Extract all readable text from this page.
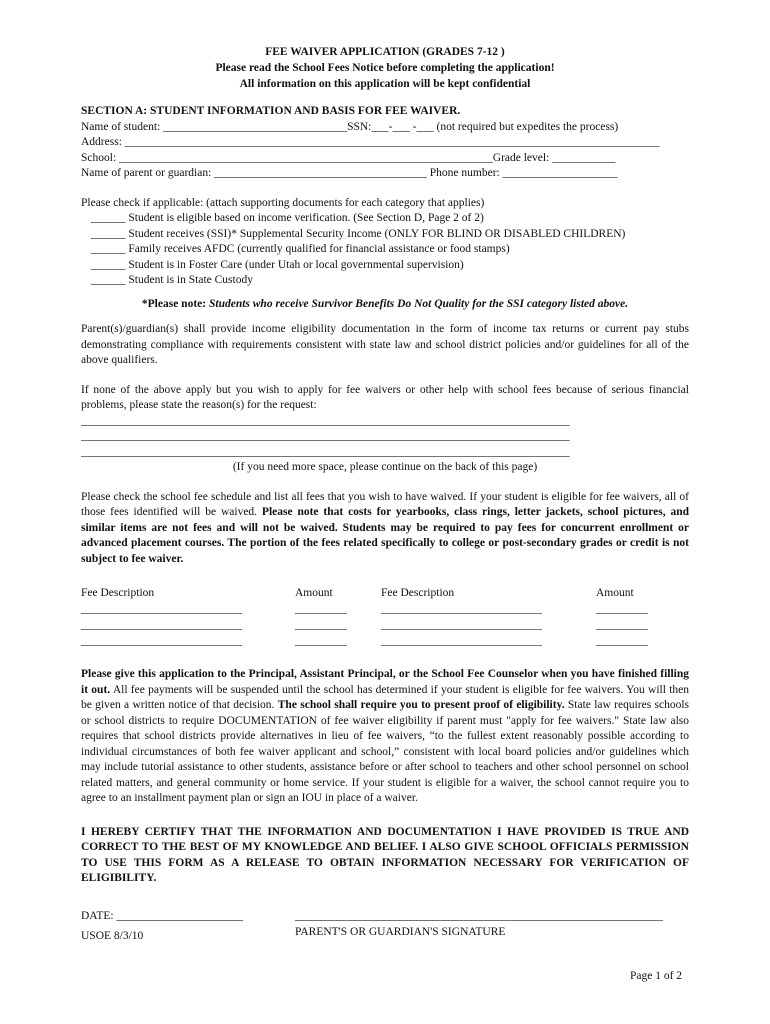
FEE WAIVER APPLICATION (GRADES 7-12 )
Please read the School Fees Notice before completing the application!
All information on this application will be kept confidential
SECTION A: STUDENT INFORMATION AND BASIS FOR FEE WAIVER.
Name of student: ________________________________SSN:___-___ -___ (not required but expedites the process)
Address: _____________________________________________________________________________________________
School: _________________________________________________________________Grade level: ___________
Name of parent or guardian: _____________________________________ Phone number: ____________________
Please check if applicable: (attach supporting documents for each category that applies)
______ Student is eligible based on income verification. (See Section D, Page 2 of 2)
______ Student receives (SSI)* Supplemental Security Income (ONLY FOR BLIND OR DISABLED CHILDREN)
______ Family receives AFDC (currently qualified for financial assistance or food stamps)
______ Student is in Foster Care (under Utah or local governmental supervision)
______ Student is in State Custody
*Please note: Students who receive Survivor Benefits Do Not Quality for the SSI category listed above.

Parent(s)/guardian(s) shall provide income eligibility documentation in the form of income tax returns or current pay stubs demonstrating compliance with requirements consistent with state law and school district policies and/or guidelines for all of the above qualifiers.

If none of the above apply but you wish to apply for fee waivers or other help with school fees because of serious financial problems, please state the reason(s) for the request:

_____________________________________________________________________________________
_____________________________________________________________________________________
_____________________________________________________________________________________
(If you need more space, please continue on the back of this page)

Please check the school fee schedule and list all fees that you wish to have waived. If your student is eligible for fee waivers, all of those fees identified will be waived. Please note that costs for yearbooks, class rings, letter jackets, school pictures, and similar items are not fees and will not be waived. Students may be required to pay fees for concurrent enrollment or advanced placement courses. The portion of the fees related specifically to college or post-secondary grades or credit is not subject to fee waiver.

Fee Description
____________________________
____________________________
____________________________
Amount
_________
_________
_________
Fee Description
____________________________
____________________________
____________________________
Amount
_________
_________
_________

Please give this application to the Principal, Assistant Principal, or the School Fee Counselor when you have finished filling it out. All fee payments will be suspended until the school has determined if your student is eligible for fee waivers. You will then be given a written notice of that decision. The school shall require you to present proof of eligibility. State law requires schools or school districts to require DOCUMENTATION of fee waiver eligibility if parent must "apply for fee waivers." State law also requires that school districts provide alternatives in lieu of fee waivers, “to the fullest extent reasonably possible according to individual circumstances of both fee waiver applicant and school,” consistent with local board policies and/or guidelines which may include tutorial assistance to other students, assistance before or after school to teachers and other school personnel on school related matters, and general community or home service. If your student is eligible for a waiver, the school cannot require you to agree to an installment payment plan or sign an IOU in place of a waiver.

I HEREBY CERTIFY THAT THE INFORMATION AND DOCUMENTATION I HAVE PROVIDED IS TRUE AND CORRECT TO THE BEST OF MY KNOWLEDGE AND BELIEF. I ALSO GIVE SCHOOL OFFICIALS PERMISSION TO USE THIS FORM AS A RELEASE TO OBTAIN INFORMATION NECESSARY FOR VERIFICATION OF ELIGIBILITY.

DATE: ______________________	________________________________________________________________
PARENT'S OR GUARDIAN'S SIGNATURE
USOE 8/3/10
Page 1 of 2
